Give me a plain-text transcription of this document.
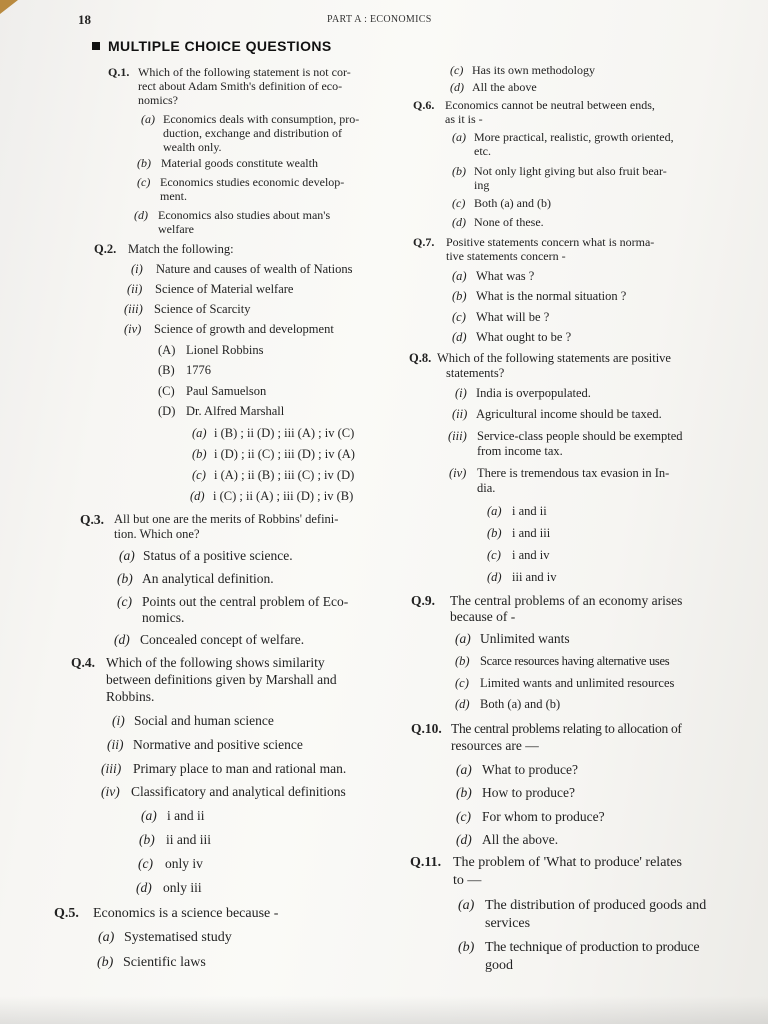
18	PART A : ECONOMICS
MULTIPLE CHOICE QUESTIONS
Q.1. Which of the following statement is not cor-
rect about Adam Smith's definition of eco-
nomics?
(a) Economics deals with consumption, pro-
duction, exchange and distribution of
wealth only.
(b) Material goods constitute wealth
(c) Economics studies economic develop-
ment.
(d) Economics also studies about man's
welfare
Q.2. Match the following:
(i) Nature and causes of wealth of Nations
(ii) Science of Material welfare
(iii) Science of Scarcity
(iv) Science of growth and development
(A) Lionel Robbins
(B) 1776
(C) Paul Samuelson
(D) Dr. Alfred Marshall
(a) i (B) ; ii (D) ; iii (A) ; iv (C)
(b) i (D) ; ii (C) ; iii (D) ; iv (A)
(c) i (A) ; ii (B) ; iii (C) ; iv (D)
(d) i (C) ; ii (A) ; iii (D) ; iv (B)
Q.3. All but one are the merits of Robbins' defini-
tion. Which one?
(a) Status of a positive science.
(b) An analytical definition.
(c) Points out the central problem of Eco-
nomics.
(d) Concealed concept of welfare.
Q.4. Which of the following shows similarity
between definitions given by Marshall and
Robbins.
(i) Social and human science
(ii) Normative and positive science
(iii) Primary place to man and rational man.
(iv) Classificatory and analytical definitions
(a) i and ii
(b) ii and iii
(c) only iv
(d) only iii
Q.5. Economics is a science because -
(a) Systematised study
(b) Scientific laws
(c) Has its own methodology
(d) All the above
Q.6. Economics cannot be neutral between ends,
as it is -
(a) More practical, realistic, growth oriented,
etc.
(b) Not only light giving but also fruit bear-
ing
(c) Both (a) and (b)
(d) None of these.
Q.7. Positive statements concern what is norma-
tive statements concern -
(a) What was ?
(b) What is the normal situation ?
(c) What will be ?
(d) What ought to be ?
Q.8. Which of the following statements are positive
statements?
(i) India is overpopulated.
(ii) Agricultural income should be taxed.
(iii) Service-class people should be exempted
from income tax.
(iv) There is tremendous tax evasion in In-
dia.
(a) i and ii
(b) i and iii
(c) i and iv
(d) iii and iv
Q.9. The central problems of an economy arises
because of -
(a) Unlimited wants
(b) Scarce resources having alternative uses
(c) Limited wants and unlimited resources
(d) Both (a) and (b)
Q.10. The central problems relating to allocation of
resources are —
(a) What to produce?
(b) How to produce?
(c) For whom to produce?
(d) All the above.
Q.11. The problem of 'What to produce' relates
to —
(a) The distribution of produced goods and
services
(b) The technique of production to produce
good
